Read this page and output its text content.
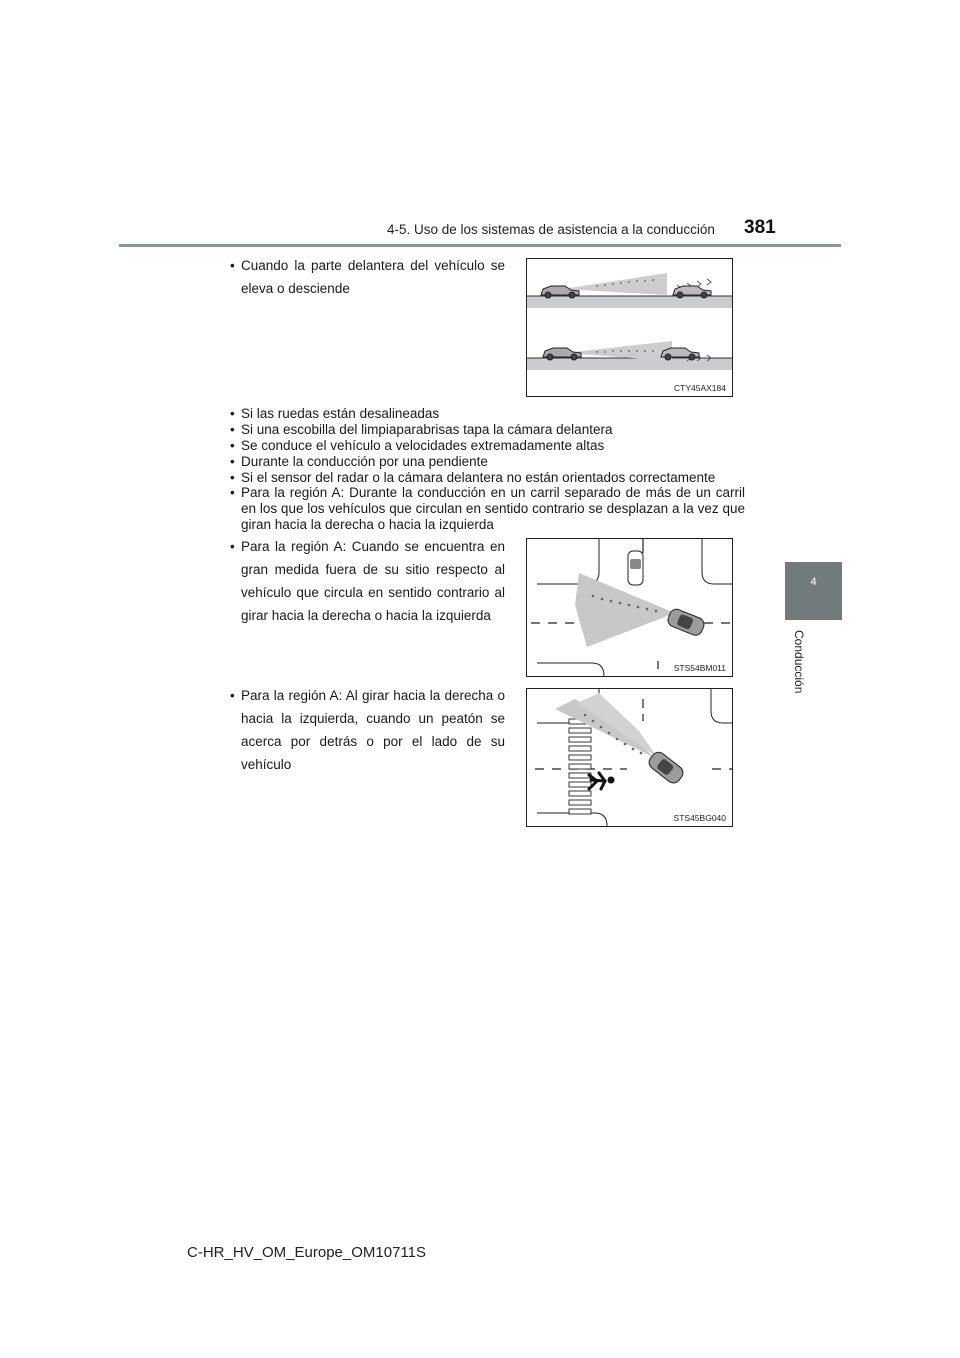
4-5. Uso de los sistemas de asistencia a la conducción 381
4
Conducción
• Cuando la parte delantera del vehículo se eleva o desciende
CTY45AX184
• Si las ruedas están desalineadas
• Si una escobilla del limpiaparabrisas tapa la cámara delantera
• Se conduce el vehículo a velocidades extremadamente altas
• Durante la conducción por una pendiente
• Si el sensor del radar o la cámara delantera no están orientados correctamente
• Para la región A: Durante la conducción en un carril separado de más de un carril en los que los vehículos que circulan en sentido contrario se desplazan a la vez que giran hacia la derecha o hacia la izquierda
• Para la región A: Cuando se encuentra en gran medida fuera de su sitio respecto al vehículo que circula en sentido contrario al girar hacia la derecha o hacia la izquierda
STS54BM011
• Para la región A: Al girar hacia la derecha o hacia la izquierda, cuando un peatón se acerca por detrás o por el lado de su vehículo
STS45BG040
C-HR_HV_OM_Europe_OM10711S
